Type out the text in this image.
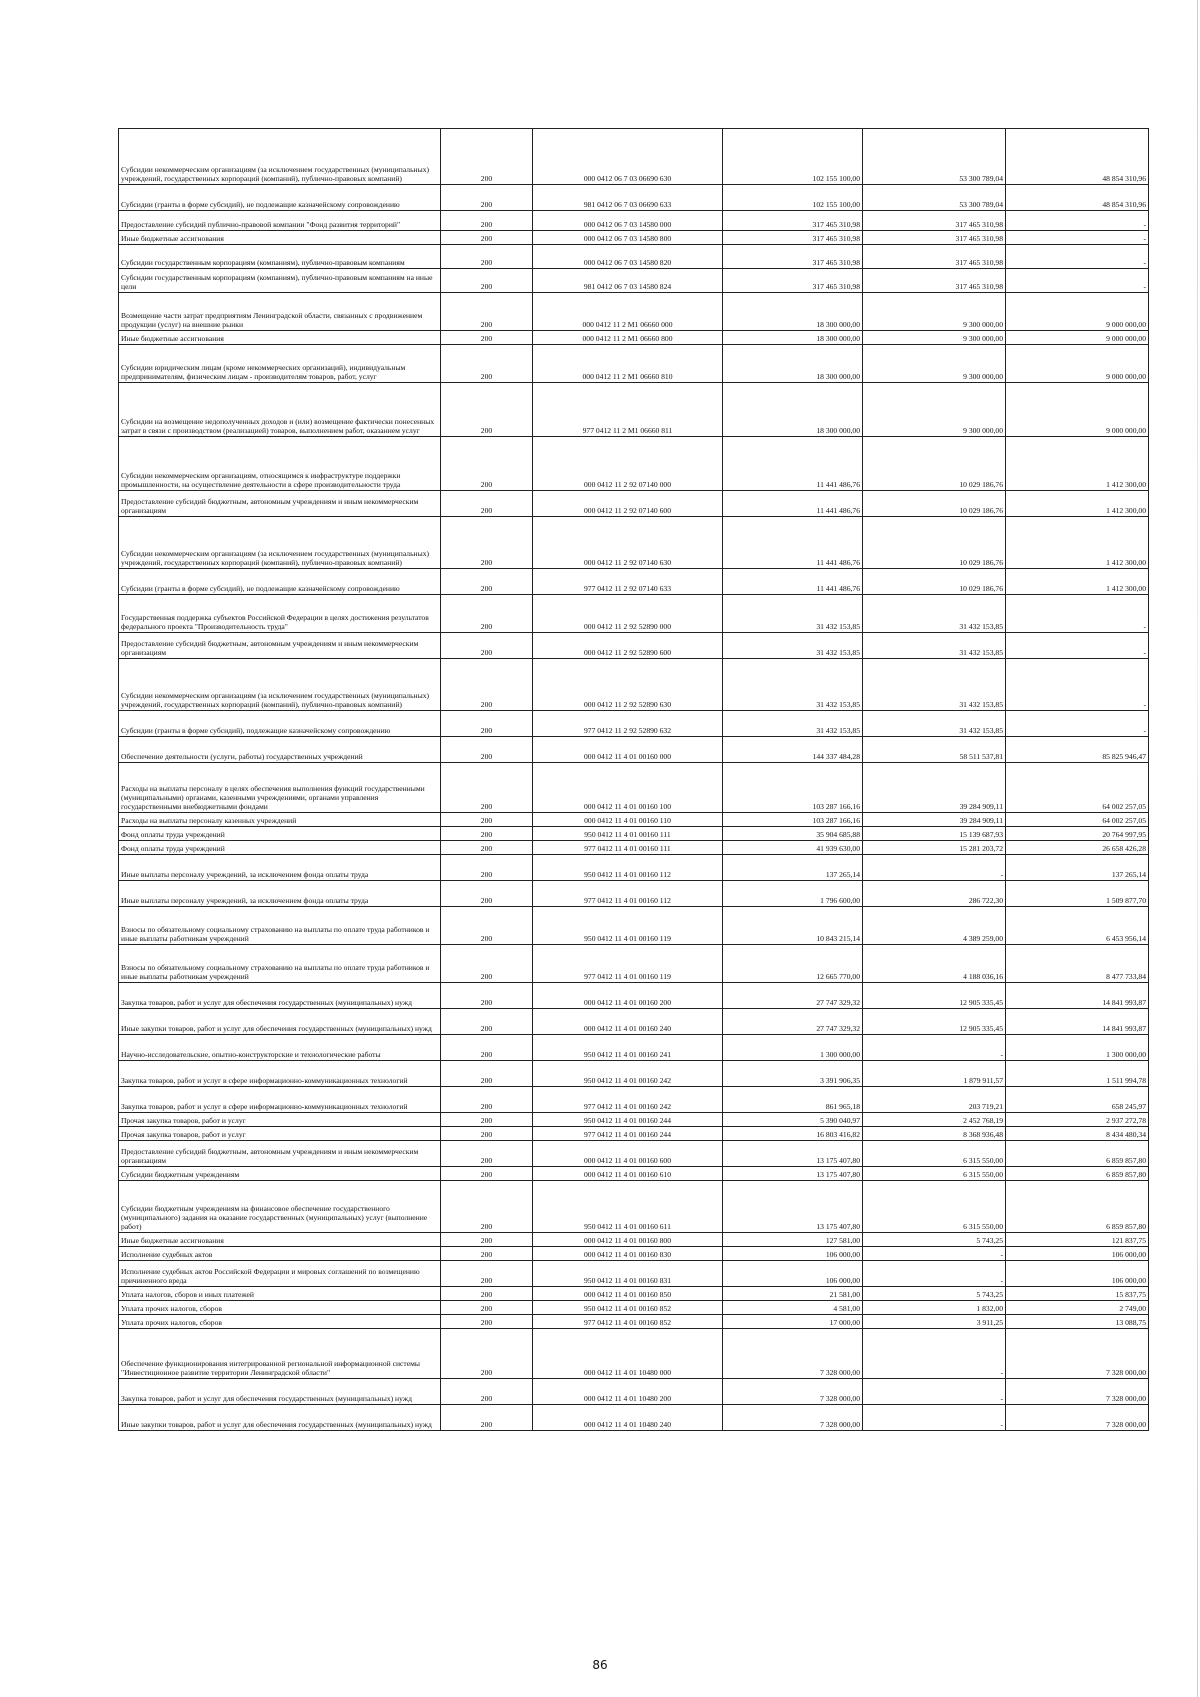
Субсидии некоммерческим организациям (за исключением государственных (муниципальных) учреждений, государственных корпораций (компаний), публично-правовых компаний)	200	000 0412 06 7 03 06690 630	102 155 100,00	53 300 789,04	48 854 310,96
Субсидии (гранты в форме субсидий), не подлежащие казначейскому сопровождению	200	981 0412 06 7 03 06690 633	102 155 100,00	53 300 789,04	48 854 310,96
Предоставление субсидий публично-правовой компании "Фонд развития территорий"	200	000 0412 06 7 03 14580 000	317 465 310,98	317 465 310,98	-
Иные бюджетные ассигнования	200	000 0412 06 7 03 14580 800	317 465 310,98	317 465 310,98	-
Субсидии государственным корпорациям (компаниям), публично-правовым компаниям	200	000 0412 06 7 03 14580 820	317 465 310,98	317 465 310,98	-
Субсидии государственным корпорациям (компаниям), публично-правовым компаниям на иные цели	200	981 0412 06 7 03 14580 824	317 465 310,98	317 465 310,98	-
Возмещение части затрат предприятиям Ленинградской области, связанных с продвижением продукции (услуг) на внешние рынки	200	000 0412 11 2 M1 06660 000	18 300 000,00	9 300 000,00	9 000 000,00
Иные бюджетные ассигнования	200	000 0412 11 2 M1 06660 800	18 300 000,00	9 300 000,00	9 000 000,00
Субсидии юридическим лицам (кроме некоммерческих организаций), индивидуальным предпринимателям, физическим лицам - производителям товаров, работ, услуг	200	000 0412 11 2 M1 06660 810	18 300 000,00	9 300 000,00	9 000 000,00
Субсидии на возмещение недополученных доходов и (или) возмещение фактически понесенных затрат в связи с производством (реализацией) товаров, выполнением работ, оказанием услуг	200	977 0412 11 2 M1 06660 811	18 300 000,00	9 300 000,00	9 000 000,00
Субсидии некоммерческим организациям, относящимся к инфраструктуре поддержки промышленности, на осуществление деятельности в сфере производительности труда	200	000 0412 11 2 92 07140 000	11 441 486,76	10 029 186,76	1 412 300,00
Предоставление субсидий бюджетным, автономным учреждениям и иным некоммерческим организациям	200	000 0412 11 2 92 07140 600	11 441 486,76	10 029 186,76	1 412 300,00
Субсидии некоммерческим организациям (за исключением государственных (муниципальных) учреждений, государственных корпораций (компаний), публично-правовых компаний)	200	000 0412 11 2 92 07140 630	11 441 486,76	10 029 186,76	1 412 300,00
Субсидии (гранты в форме субсидий), не подлежащие казначейскому сопровождению	200	977 0412 11 2 92 07140 633	11 441 486,76	10 029 186,76	1 412 300,00
Государственная поддержка субъектов Российской Федерации в целях достижения результатов федерального проекта "Производительность труда"	200	000 0412 11 2 92 52890 000	31 432 153,85	31 432 153,85	-
Предоставление субсидий бюджетным, автономным учреждениям и иным некоммерческим организациям	200	000 0412 11 2 92 52890 600	31 432 153,85	31 432 153,85	-
Субсидии некоммерческим организациям (за исключением государственных (муниципальных) учреждений, государственных корпораций (компаний), публично-правовых компаний)	200	000 0412 11 2 92 52890 630	31 432 153,85	31 432 153,85	-
Субсидии (гранты в форме субсидий), подлежащие казначейскому сопровождению	200	977 0412 11 2 92 52890 632	31 432 153,85	31 432 153,85	-
Обеспечение деятельности (услуги, работы) государственных учреждений	200	000 0412 11 4 01 00160 000	144 337 484,28	58 511 537,81	85 825 946,47
Расходы на выплаты персоналу в целях обеспечения выполнения функций государственными (муниципальными) органами, казенными учреждениями, органами управления государственными внебюджетными фондами	200	000 0412 11 4 01 00160 100	103 287 166,16	39 284 909,11	64 002 257,05
Расходы на выплаты персоналу казенных учреждений	200	000 0412 11 4 01 00160 110	103 287 166,16	39 284 909,11	64 002 257,05
Фонд оплаты труда учреждений	200	950 0412 11 4 01 00160 111	35 904 685,88	15 139 687,93	20 764 997,95
Фонд оплаты труда учреждений	200	977 0412 11 4 01 00160 111	41 939 630,00	15 281 203,72	26 658 426,28
Иные выплаты персоналу учреждений, за исключением фонда оплаты труда	200	950 0412 11 4 01 00160 112	137 265,14	-	137 265,14
Иные выплаты персоналу учреждений, за исключением фонда оплаты труда	200	977 0412 11 4 01 00160 112	1 796 600,00	286 722,30	1 509 877,70
Взносы по обязательному социальному страхованию на выплаты по оплате труда работников и иные выплаты работникам учреждений	200	950 0412 11 4 01 00160 119	10 843 215,14	4 389 259,00	6 453 956,14
Взносы по обязательному социальному страхованию на выплаты по оплате труда работников и иные выплаты работникам учреждений	200	977 0412 11 4 01 00160 119	12 665 770,00	4 188 036,16	8 477 733,84
Закупка товаров, работ и услуг для обеспечения государственных (муниципальных) нужд	200	000 0412 11 4 01 00160 200	27 747 329,32	12 905 335,45	14 841 993,87
Иные закупки товаров, работ и услуг для обеспечения государственных (муниципальных) нужд	200	000 0412 11 4 01 00160 240	27 747 329,32	12 905 335,45	14 841 993,87
Научно-исследовательские, опытно-конструкторские и технологические работы	200	950 0412 11 4 01 00160 241	1 300 000,00	-	1 300 000,00
Закупка товаров, работ и услуг в сфере информационно-коммуникационных технологий	200	950 0412 11 4 01 00160 242	3 391 906,35	1 879 911,57	1 511 994,78
Закупка товаров, работ и услуг в сфере информационно-коммуникационных технологий	200	977 0412 11 4 01 00160 242	861 965,18	203 719,21	658 245,97
Прочая закупка товаров, работ и услуг	200	950 0412 11 4 01 00160 244	5 390 040,97	2 452 768,19	2 937 272,78
Прочая закупка товаров, работ и услуг	200	977 0412 11 4 01 00160 244	16 803 416,82	8 368 936,48	8 434 480,34
Предоставление субсидий бюджетным, автономным учреждениям и иным некоммерческим организациям	200	000 0412 11 4 01 00160 600	13 175 407,80	6 315 550,00	6 859 857,80
Субсидии бюджетным учреждениям	200	000 0412 11 4 01 00160 610	13 175 407,80	6 315 550,00	6 859 857,80
Субсидии бюджетным учреждениям на финансовое обеспечение государственного (муниципального) задания на оказание государственных (муниципальных) услуг (выполнение работ)	200	950 0412 11 4 01 00160 611	13 175 407,80	6 315 550,00	6 859 857,80
Иные бюджетные ассигнования	200	000 0412 11 4 01 00160 800	127 581,00	5 743,25	121 837,75
Исполнение судебных актов	200	000 0412 11 4 01 00160 830	106 000,00	-	106 000,00
Исполнение судебных актов Российской Федерации и мировых соглашений по возмещению причиненного вреда	200	950 0412 11 4 01 00160 831	106 000,00	-	106 000,00
Уплата налогов, сборов и иных платежей	200	000 0412 11 4 01 00160 850	21 581,00	5 743,25	15 837,75
Уплата прочих налогов, сборов	200	950 0412 11 4 01 00160 852	4 581,00	1 832,00	2 749,00
Уплата прочих налогов, сборов	200	977 0412 11 4 01 00160 852	17 000,00	3 911,25	13 088,75
Обеспечение функционирования интегрированной региональной информационной системы "Инвестиционное развитие территории Ленинградской области"	200	000 0412 11 4 01 10480 000	7 328 000,00	-	7 328 000,00
Закупка товаров, работ и услуг для обеспечения государственных (муниципальных) нужд	200	000 0412 11 4 01 10480 200	7 328 000,00	-	7 328 000,00
Иные закупки товаров, работ и услуг для обеспечения государственных (муниципальных) нужд	200	000 0412 11 4 01 10480 240	7 328 000,00	-	7 328 000,00
86
